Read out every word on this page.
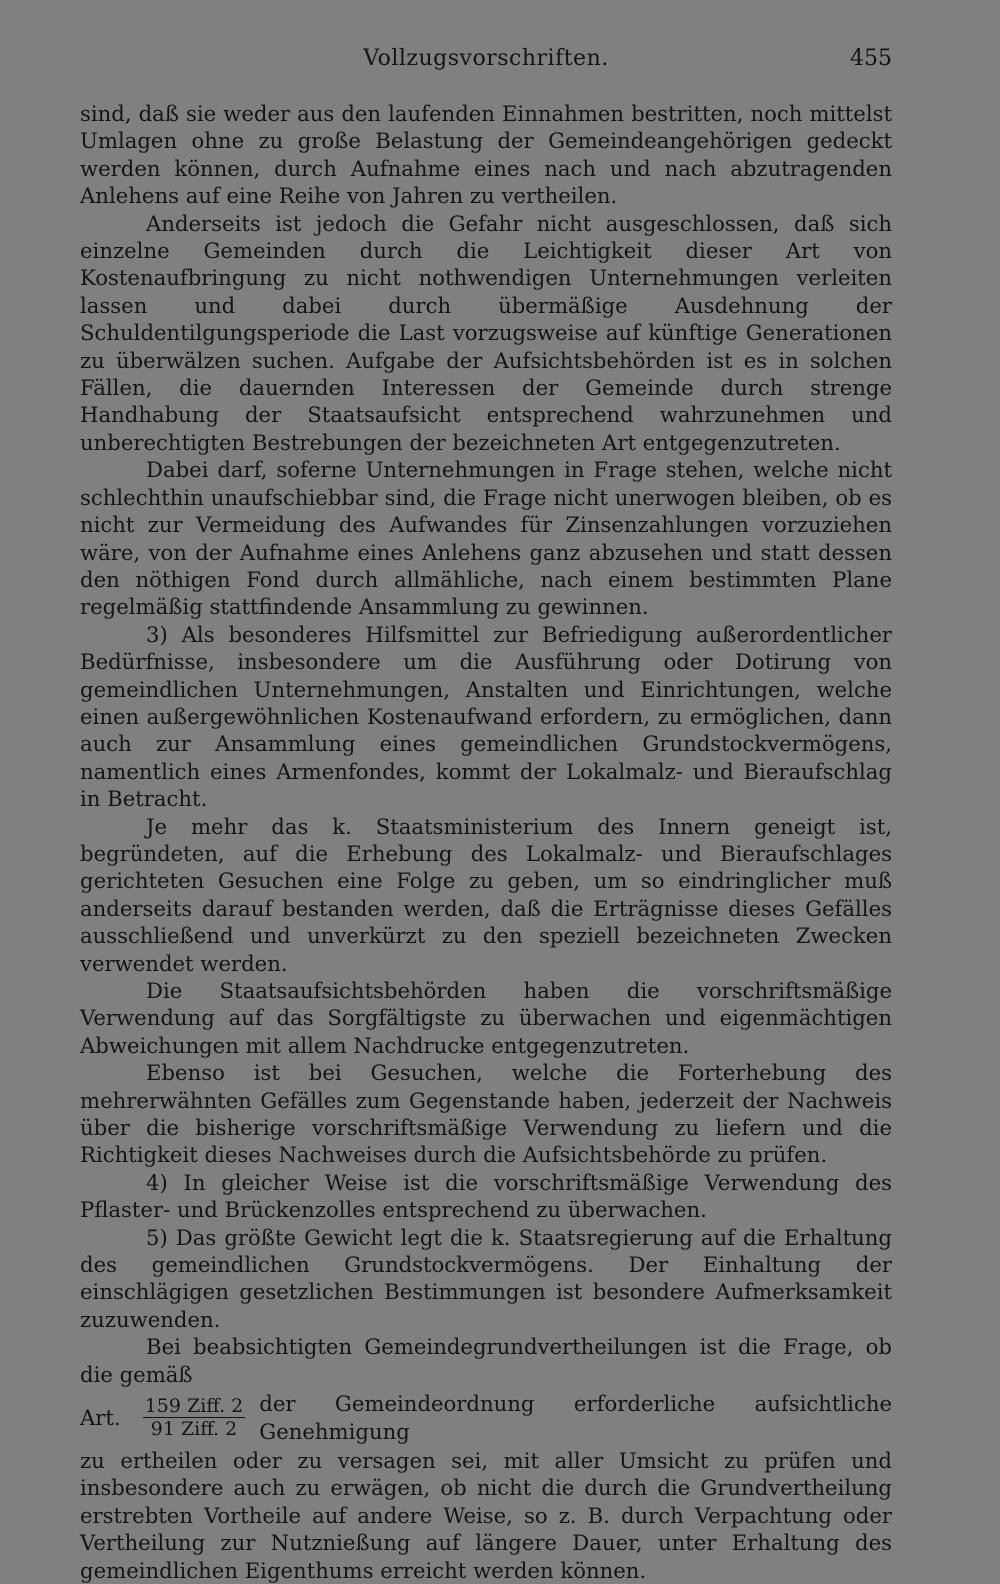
Vollzugsvorschriften.	455

sind, daß sie weder aus den laufenden Einnahmen bestritten, noch mittelst Umlagen ohne zu große Belastung der Gemeindeangehörigen gedeckt werden können, durch Aufnahme eines nach und nach abzutragenden Anlehens auf eine Reihe von Jahren zu vertheilen.

Anderseits ist jedoch die Gefahr nicht ausgeschlossen, daß sich einzelne Gemeinden durch die Leichtigkeit dieser Art von Kostenaufbringung zu nicht nothwendigen Unternehmungen verleiten lassen und dabei durch übermäßige Ausdehnung der Schuldentilgungsperiode die Last vorzugsweise auf künftige Generationen zu überwälzen suchen. Aufgabe der Aufsichtsbehörden ist es in solchen Fällen, die dauernden Interessen der Gemeinde durch strenge Handhabung der Staatsaufsicht entsprechend wahrzunehmen und unberechtigten Bestrebungen der bezeichneten Art entgegenzutreten.

Dabei darf, soferne Unternehmungen in Frage stehen, welche nicht schlechthin unaufschiebbar sind, die Frage nicht unerwogen bleiben, ob es nicht zur Vermeidung des Aufwandes für Zinsenzahlungen vorzuziehen wäre, von der Aufnahme eines Anlehens ganz abzusehen und statt dessen den nöthigen Fond durch allmähliche, nach einem bestimmten Plane regelmäßig stattfindende Ansammlung zu gewinnen.

3) Als besonderes Hilfsmittel zur Befriedigung außerordentlicher Bedürfnisse, insbesondere um die Ausführung oder Dotirung von gemeindlichen Unternehmungen, Anstalten und Einrichtungen, welche einen außergewöhnlichen Kostenaufwand erfordern, zu ermöglichen, dann auch zur Ansammlung eines gemeindlichen Grundstockvermögens, namentlich eines Armenfondes, kommt der Lokalmalz- und Bieraufschlag in Betracht.

Je mehr das k. Staatsministerium des Innern geneigt ist, begründeten, auf die Erhebung des Lokalmalz- und Bieraufschlages gerichteten Gesuchen eine Folge zu geben, um so eindringlicher muß anderseits darauf bestanden werden, daß die Erträgnisse dieses Gefälles ausschließend und unverkürzt zu den speziell bezeichneten Zwecken verwendet werden.

Die Staatsaufsichtsbehörden haben die vorschriftsmäßige Verwendung auf das Sorgfältigste zu überwachen und eigenmächtigen Abweichungen mit allem Nachdrucke entgegenzutreten.

Ebenso ist bei Gesuchen, welche die Forterhebung des mehrerwähnten Gefälles zum Gegenstande haben, jederzeit der Nachweis über die bisherige vorschriftsmäßige Verwendung zu liefern und die Richtigkeit dieses Nachweises durch die Aufsichtsbehörde zu prüfen.

4) In gleicher Weise ist die vorschriftsmäßige Verwendung des Pflaster- und Brückenzolles entsprechend zu überwachen.

5) Das größte Gewicht legt die k. Staatsregierung auf die Erhaltung des gemeindlichen Grundstockvermögens. Der Einhaltung der einschlägigen gesetzlichen Bestimmungen ist besondere Aufmerksamkeit zuzuwenden.

Bei beabsichtigten Gemeindegrundvertheilungen ist die Frage, ob die gemäß

Art. $\frac{\text{159 Ziff. 2}}{\text{91 Ziff. 2}}$ der Gemeindeordnung erforderliche aufsichtliche Genehmigung

zu ertheilen oder zu versagen sei, mit aller Umsicht zu prüfen und insbesondere auch zu erwägen, ob nicht die durch die Grundvertheilung erstrebten Vortheile auf andere Weise, so z. B. durch Verpachtung oder Vertheilung zur Nutznießung auf längere Dauer, unter Erhaltung des gemeindlichen Eigenthums erreicht werden können.
